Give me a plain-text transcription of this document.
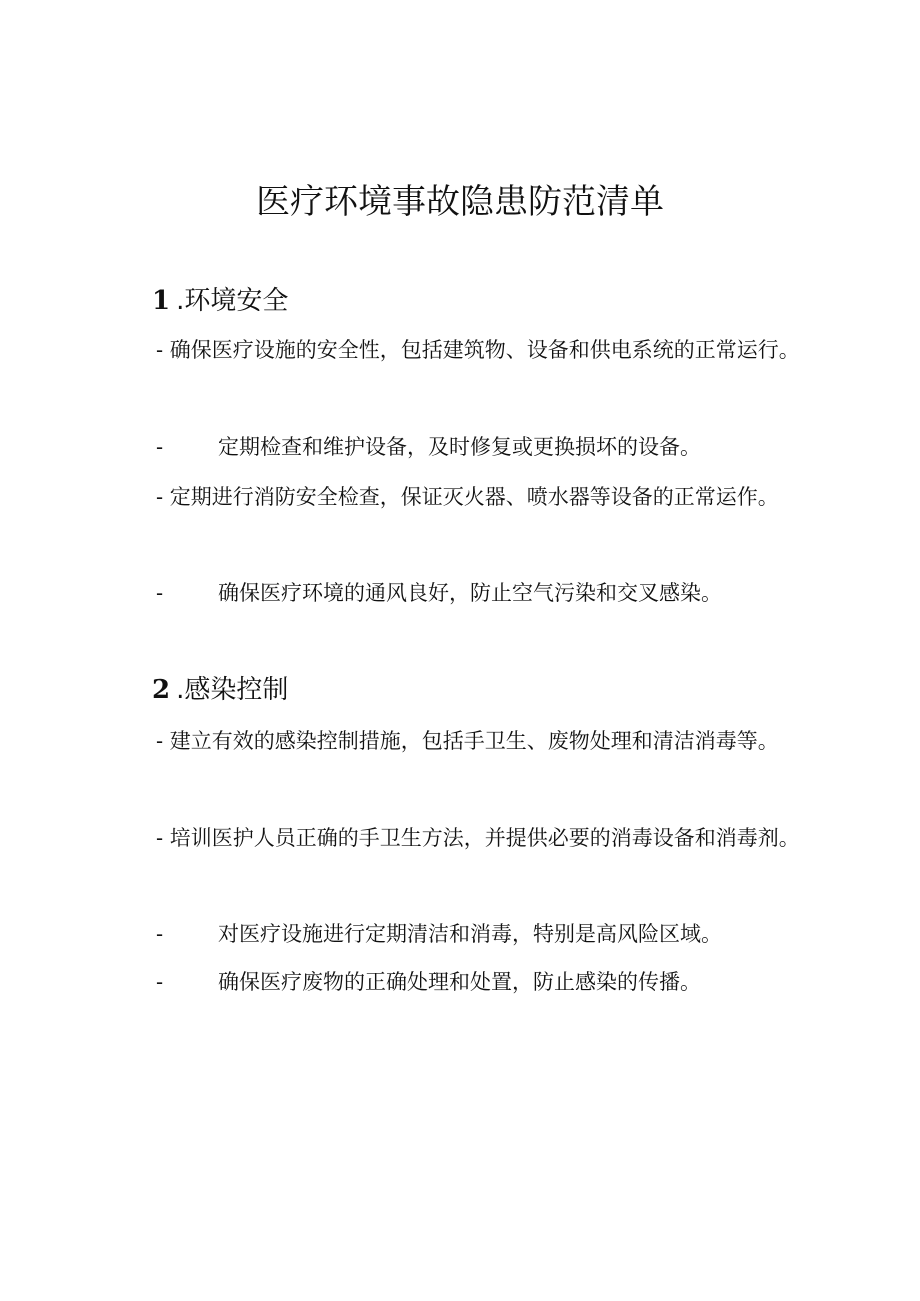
医疗环境事故隐患防范清单
1 .环境安全

- 确保医疗设施的安全性，包括建筑物、设备和供电系统的正常运行。

-	定期检查和维护设备，及时修复或更换损坏的设备。

- 定期进行消防安全检查，保证灭火器、喷水器等设备的正常运作。

-	确保医疗环境的通风良好，防止空气污染和交叉感染。

2 .感染控制

- 建立有效的感染控制措施，包括手卫生、废物处理和清洁消毒等。

- 培训医护人员正确的手卫生方法，并提供必要的消毒设备和消毒剂。

-	对医疗设施进行定期清洁和消毒，特别是高风险区域。

-	确保医疗废物的正确处理和处置，防止感染的传播。
